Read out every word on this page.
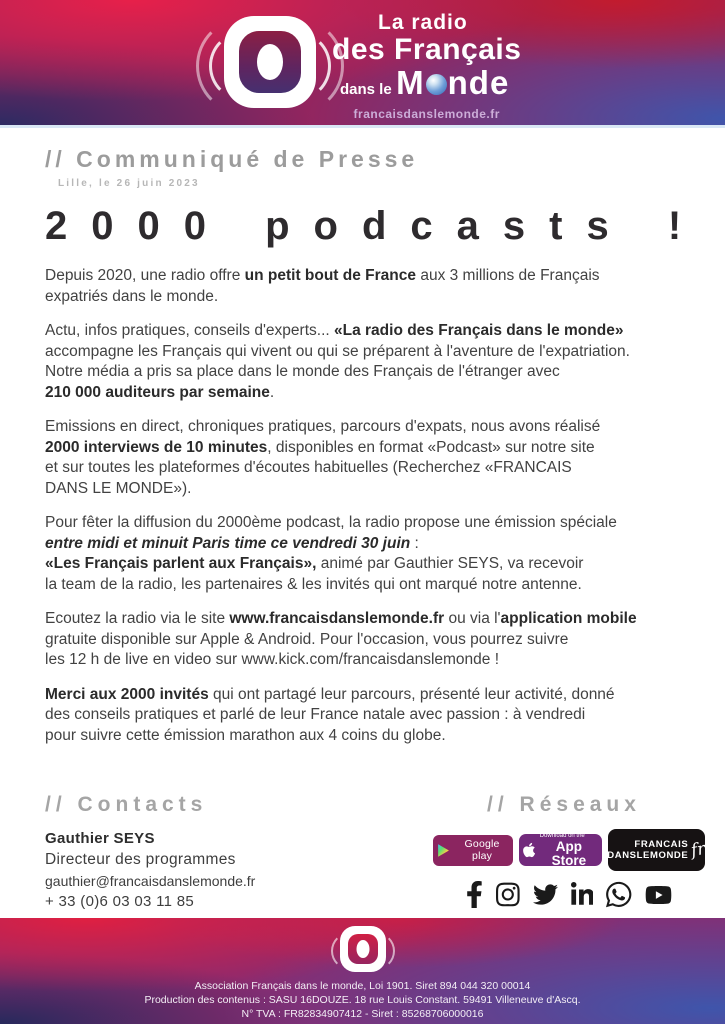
La radio
des Français
dans le M nde
francaisdanslemonde.fr
// Communiqué de Presse
Lille, le 26 juin 2023
2000 podcasts !

Depuis 2020, une radio offre un petit bout de France aux 3 millions de Français
expatriés dans le monde.

Actu, infos pratiques, conseils d'experts... «La radio des Français dans le monde»
accompagne les Français qui vivent ou qui se préparent à l'aventure de l'expatriation.
Notre média a pris sa place dans le monde des Français de l'étranger avec
210 000 auditeurs par semaine.

Emissions en direct, chroniques pratiques, parcours d'expats, nous avons réalisé
2000 interviews de 10 minutes, disponibles en format «Podcast» sur notre site
et sur toutes les plateformes d'écoutes habituelles (Recherchez «FRANCAIS
DANS LE MONDE»).

Pour fêter la diffusion du 2000ème podcast, la radio propose une émission spéciale
entre midi et minuit Paris time ce vendredi 30 juin :
«Les Français parlent aux Français», animé par Gauthier SEYS, va recevoir
la team de la radio, les partenaires & les invités qui ont marqué notre antenne.

Ecoutez la radio via le site www.francaisdanslemonde.fr ou via l'application mobile
gratuite disponible sur Apple & Android. Pour l'occasion, vous pourrez suivre
les 12 h de live en video sur www.kick.com/francaisdanslemonde !

Merci aux 2000 invités qui ont partagé leur parcours, présenté leur activité, donné
des conseils pratiques et parlé de leur France natale avec passion : à vendredi
pour suivre cette émission marathon aux 4 coins du globe.

// Contacts
Gauthier SEYS
Directeur des programmes
gauthier@francaisdanslemonde.fr
+ 33 (0)6 03 03 11 85
// Réseaux
Google play
Download on the
App Store
FRANCAIS
DANSLEMONDE fr
Association Français dans le monde, Loi 1901. Siret 894 044 320 00014
Production des contenus : SASU 16DOUZE. 18 rue Louis Constant. 59491 Villeneuve d'Ascq.
N° TVA : FR82834907412 - Siret : 85268706000016
